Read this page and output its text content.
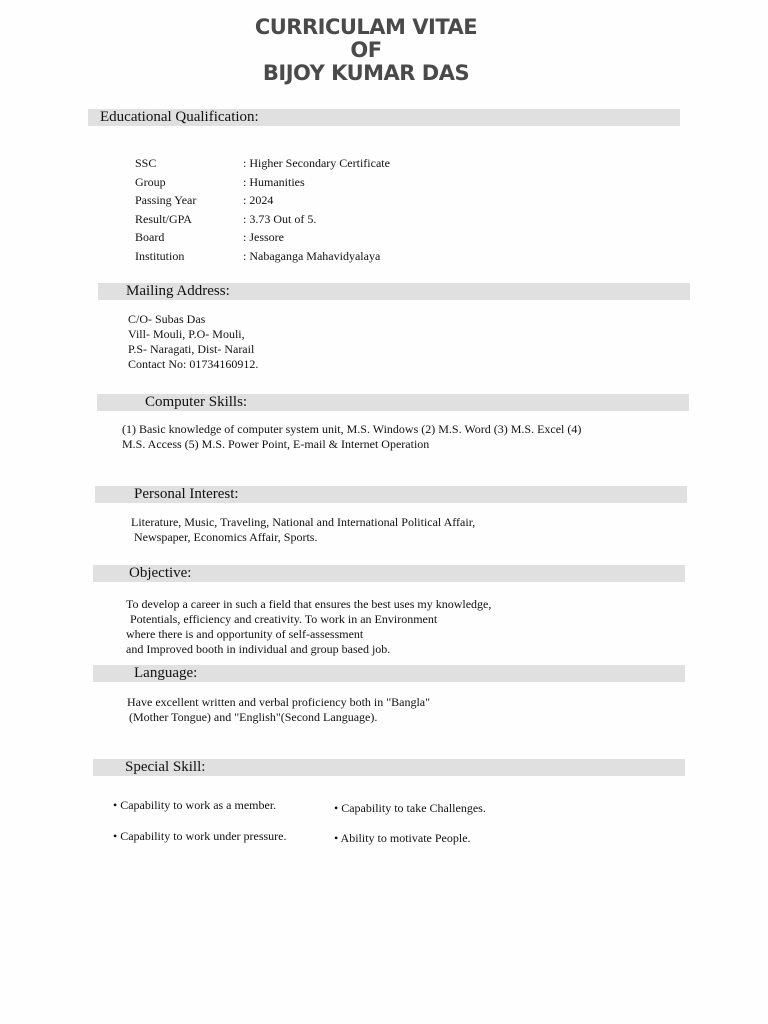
CURRICULAM VITAE
OF
BIJOY KUMAR DAS
Educational Qualification:
SSC	: Higher Secondary Certificate
Group	: Humanities
Passing Year	: 2024
Result/GPA	: 3.73 Out of 5.
Board	: Jessore
Institution	: Nabaganga Mahavidyalaya
Mailing Address:
C/O- Subas Das
Vill- Mouli, P.O- Mouli,
P.S- Naragati, Dist- Narail
Contact No: 01734160912.
Computer Skills:
(1) Basic knowledge of computer system unit, M.S. Windows (2) M.S. Word (3) M.S. Excel (4)
M.S. Access (5) M.S. Power Point, E-mail & Internet Operation
Personal Interest:
Literature, Music, Traveling, National and International Political Affair,
Newspaper, Economics Affair, Sports.
Objective:
To develop a career in such a field that ensures the best uses my knowledge,
Potentials, efficiency and creativity. To work in an Environment
where there is and opportunity of self-assessment
and Improved booth in individual and group based job.
Language:
Have excellent written and verbal proficiency both in "Bangla"
(Mother Tongue) and "English"(Second Language).
Special Skill:
• Capability to work as a member.	• Capability to take Challenges.
• Capability to work under pressure.	• Ability to motivate People.
